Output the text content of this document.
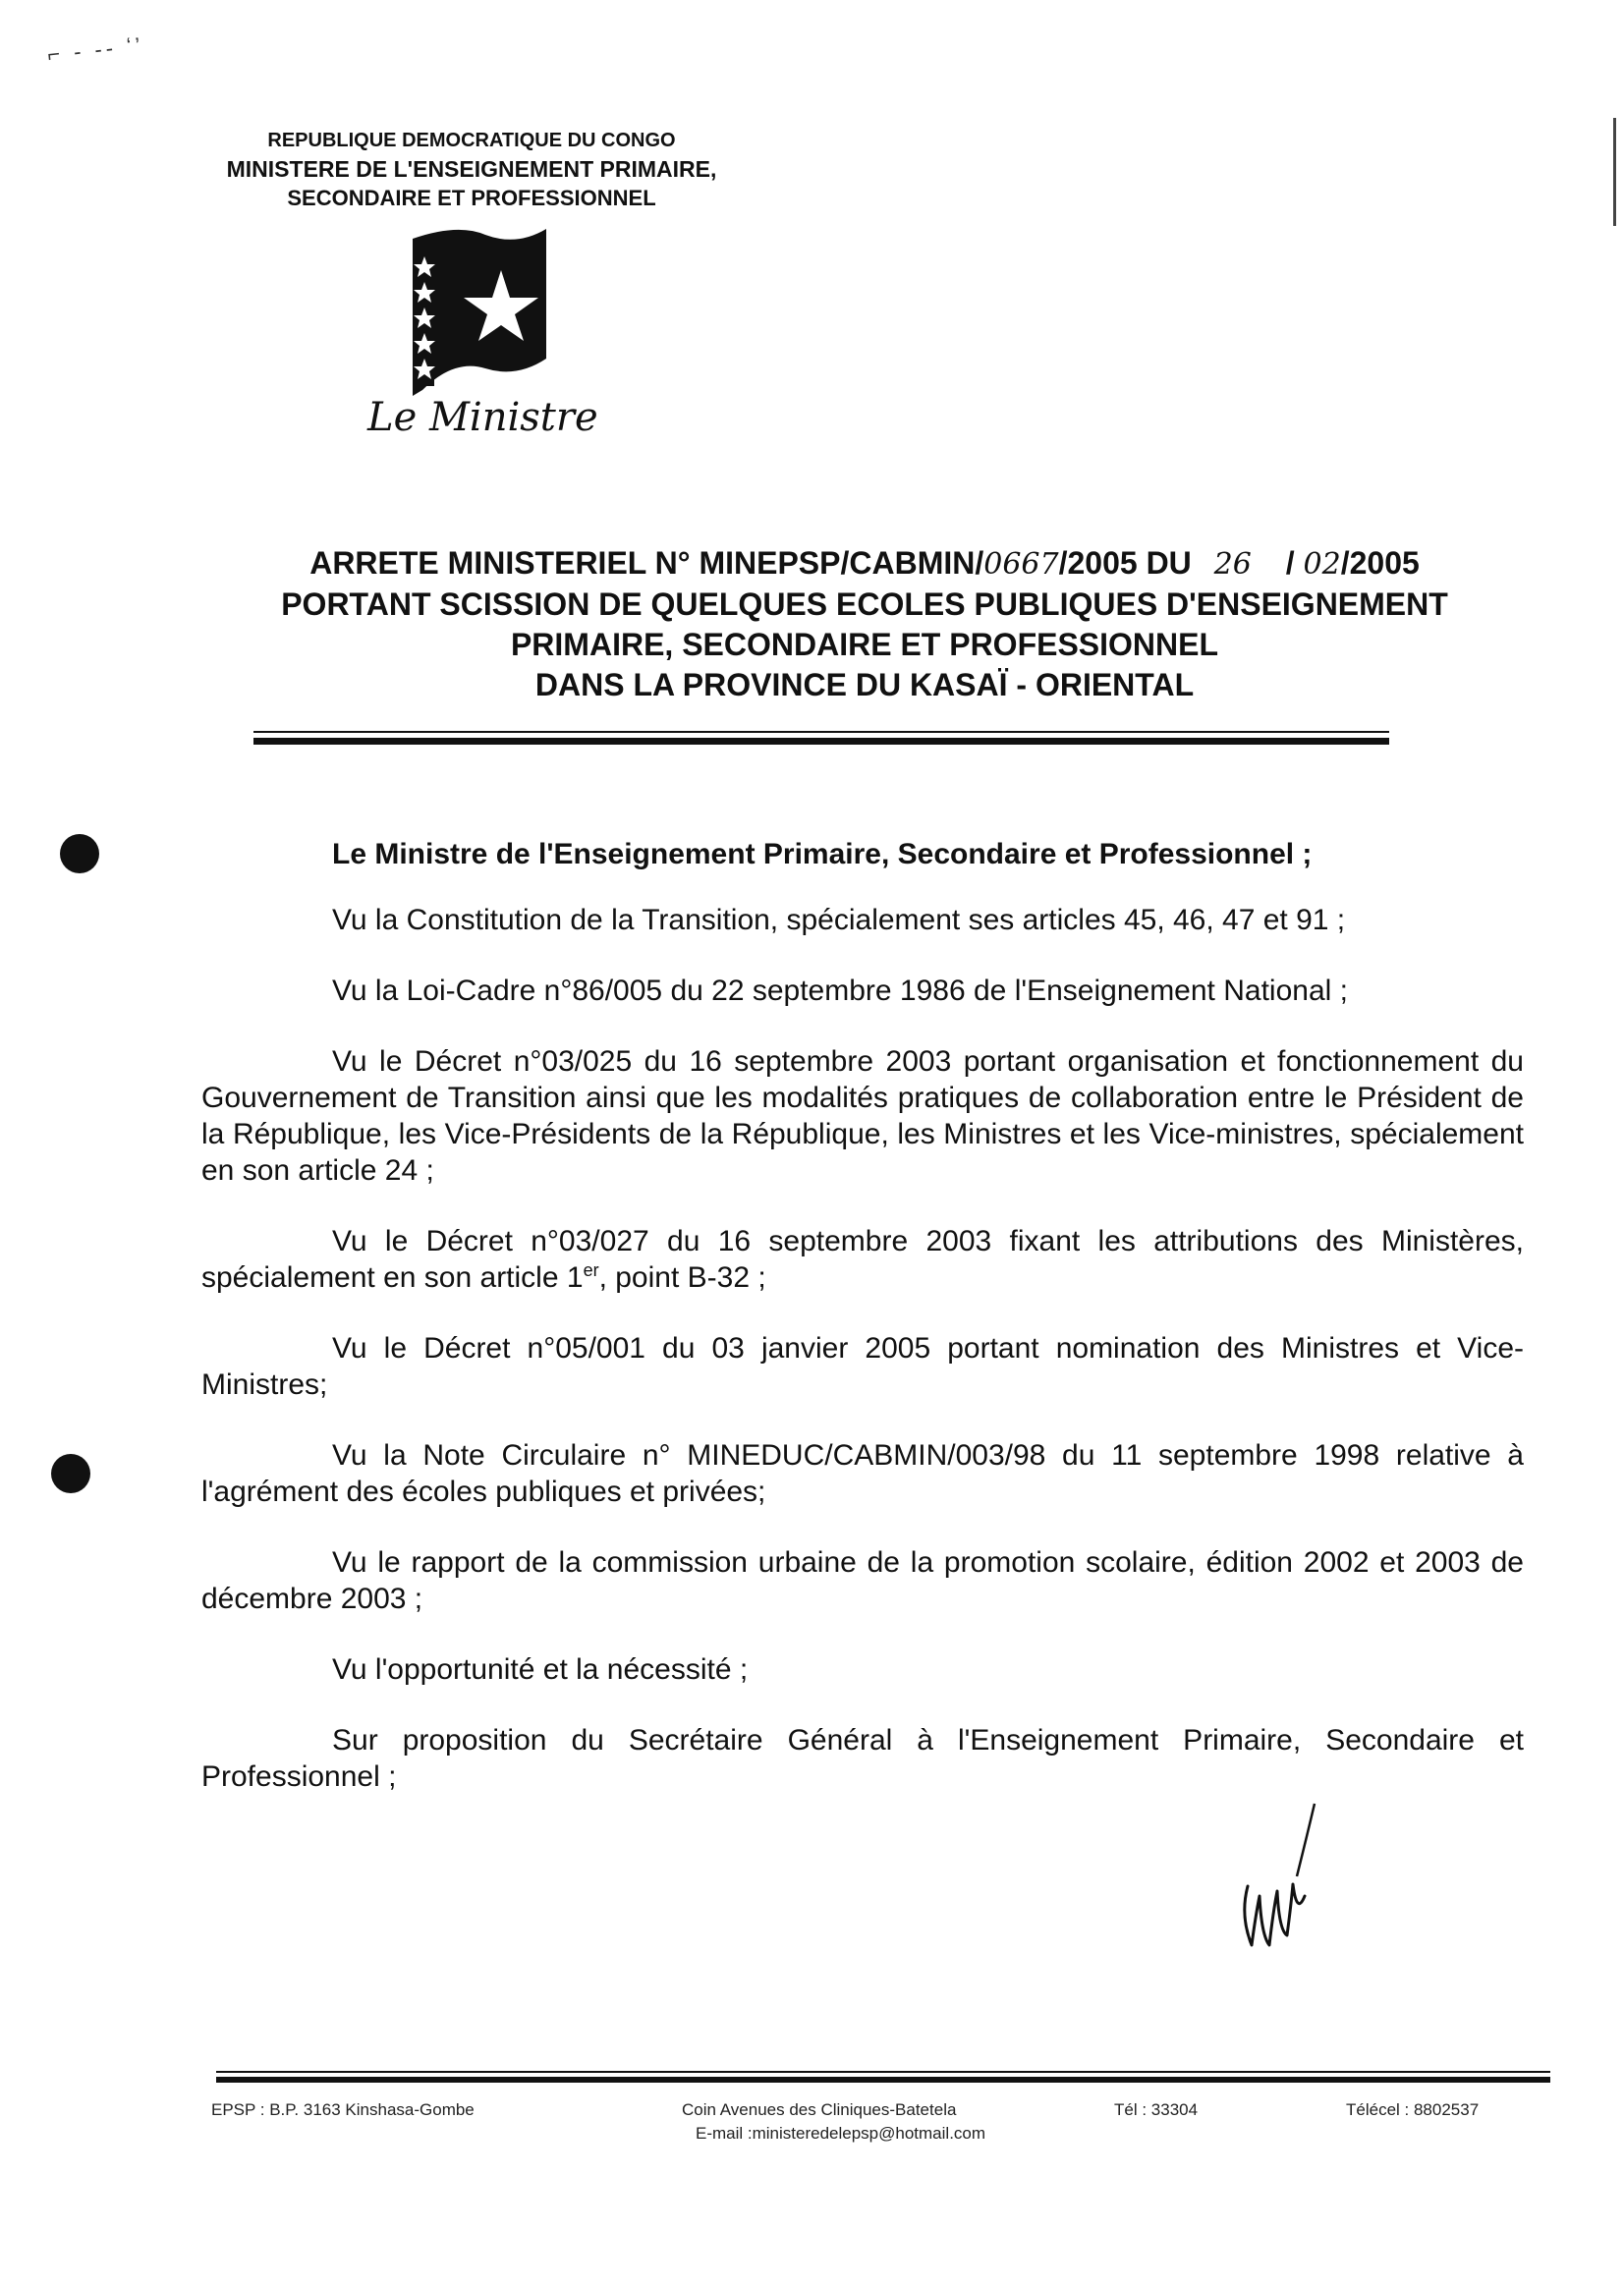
⌐ ‐ ‐‐ ʻ’
REPUBLIQUE DEMOCRATIQUE DU CONGO
MINISTERE DE L'ENSEIGNEMENT PRIMAIRE,
SECONDAIRE ET PROFESSIONNEL
Le Ministre
ARRETE MINISTERIEL N° MINEPSP/CABMIN/0667/2005 DU 26 / 02/2005
PORTANT SCISSION DE QUELQUES ECOLES PUBLIQUES D'ENSEIGNEMENT
PRIMAIRE, SECONDAIRE ET PROFESSIONNEL
DANS LA PROVINCE DU KASAÏ - ORIENTAL

Le Ministre de l'Enseignement Primaire, Secondaire et Professionnel ;

Vu la Constitution de la Transition, spécialement ses articles 45, 46, 47 et 91 ;

Vu la Loi-Cadre n°86/005 du 22 septembre 1986 de l'Enseignement National ;

Vu le Décret n°03/025 du 16 septembre 2003 portant organisation et fonctionnement du Gouvernement de Transition ainsi que les modalités pratiques de collaboration entre le Président de la République, les Vice-Présidents de la République, les Ministres et les Vice-ministres, spécialement en son article 24 ;

Vu le Décret n°03/027 du 16 septembre 2003 fixant les attributions des Ministères, spécialement en son article 1er, point B-32 ;

Vu le Décret n°05/001 du 03 janvier 2005 portant nomination des Ministres et Vice-Ministres;

Vu la Note Circulaire n° MINEDUC/CABMIN/003/98 du 11 septembre 1998 relative à l'agrément des écoles publiques et privées;

Vu le rapport de la commission urbaine de la promotion scolaire, édition 2002 et 2003 de décembre 2003 ;

Vu l'opportunité et la nécessité ;

Sur proposition du Secrétaire Général à l'Enseignement Primaire, Secondaire et Professionnel ;

EPSP : B.P. 3163 Kinshasa-Gombe	Coin Avenues des Cliniques-Batetela
E-mail :ministeredelepsp@hotmail.com
Tél : 33304	Télécel : 8802537
